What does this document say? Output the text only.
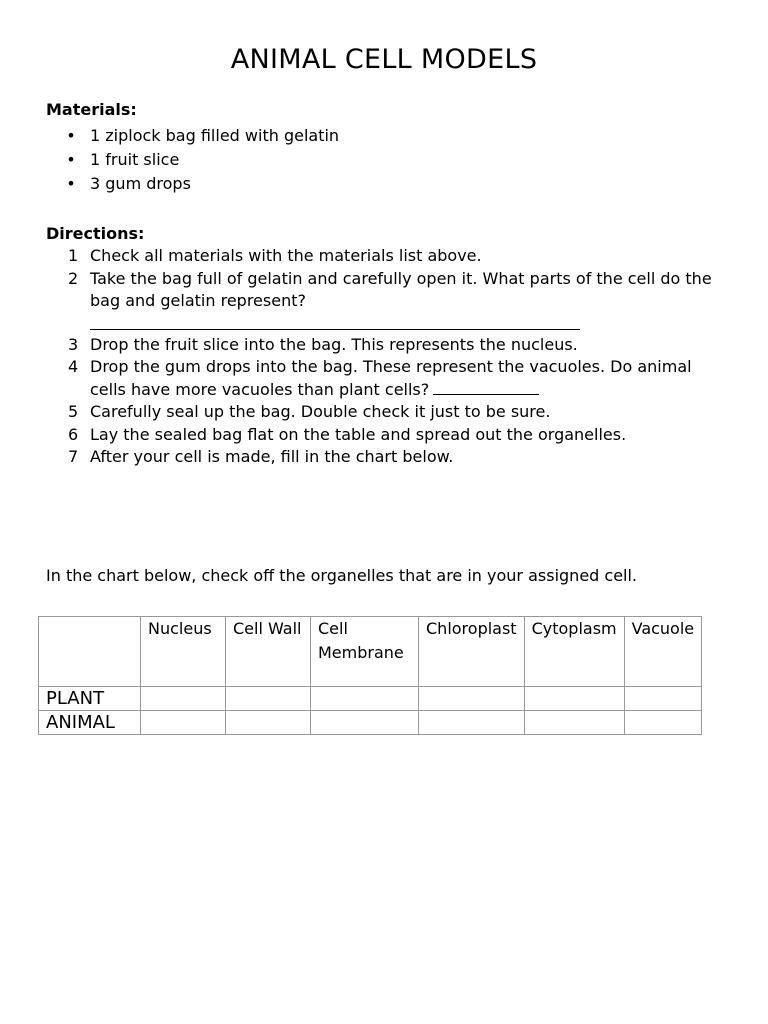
ANIMAL CELL MODELS
Materials:
• 1 ziplock bag filled with gelatin
• 1 fruit slice
• 3 gum drops
Directions:
1 Check all materials with the materials list above.
2 Take the bag full of gelatin and carefully open it. What parts of the cell do the bag and gelatin represent?
3 Drop the fruit slice into the bag. This represents the nucleus.
4 Drop the gum drops into the bag. These represent the vacuoles. Do animal cells have more vacuoles than plant cells?
5 Carefully seal up the bag. Double check it just to be sure.
6 Lay the sealed bag flat on the table and spread out the organelles.
7 After your cell is made, fill in the chart below.
In the chart below, check off the organelles that are in your assigned cell.
	Nucleus	Cell Wall	Cell Membrane	Chloroplast	Cytoplasm	Vacuole
PLANT						
ANIMAL						
